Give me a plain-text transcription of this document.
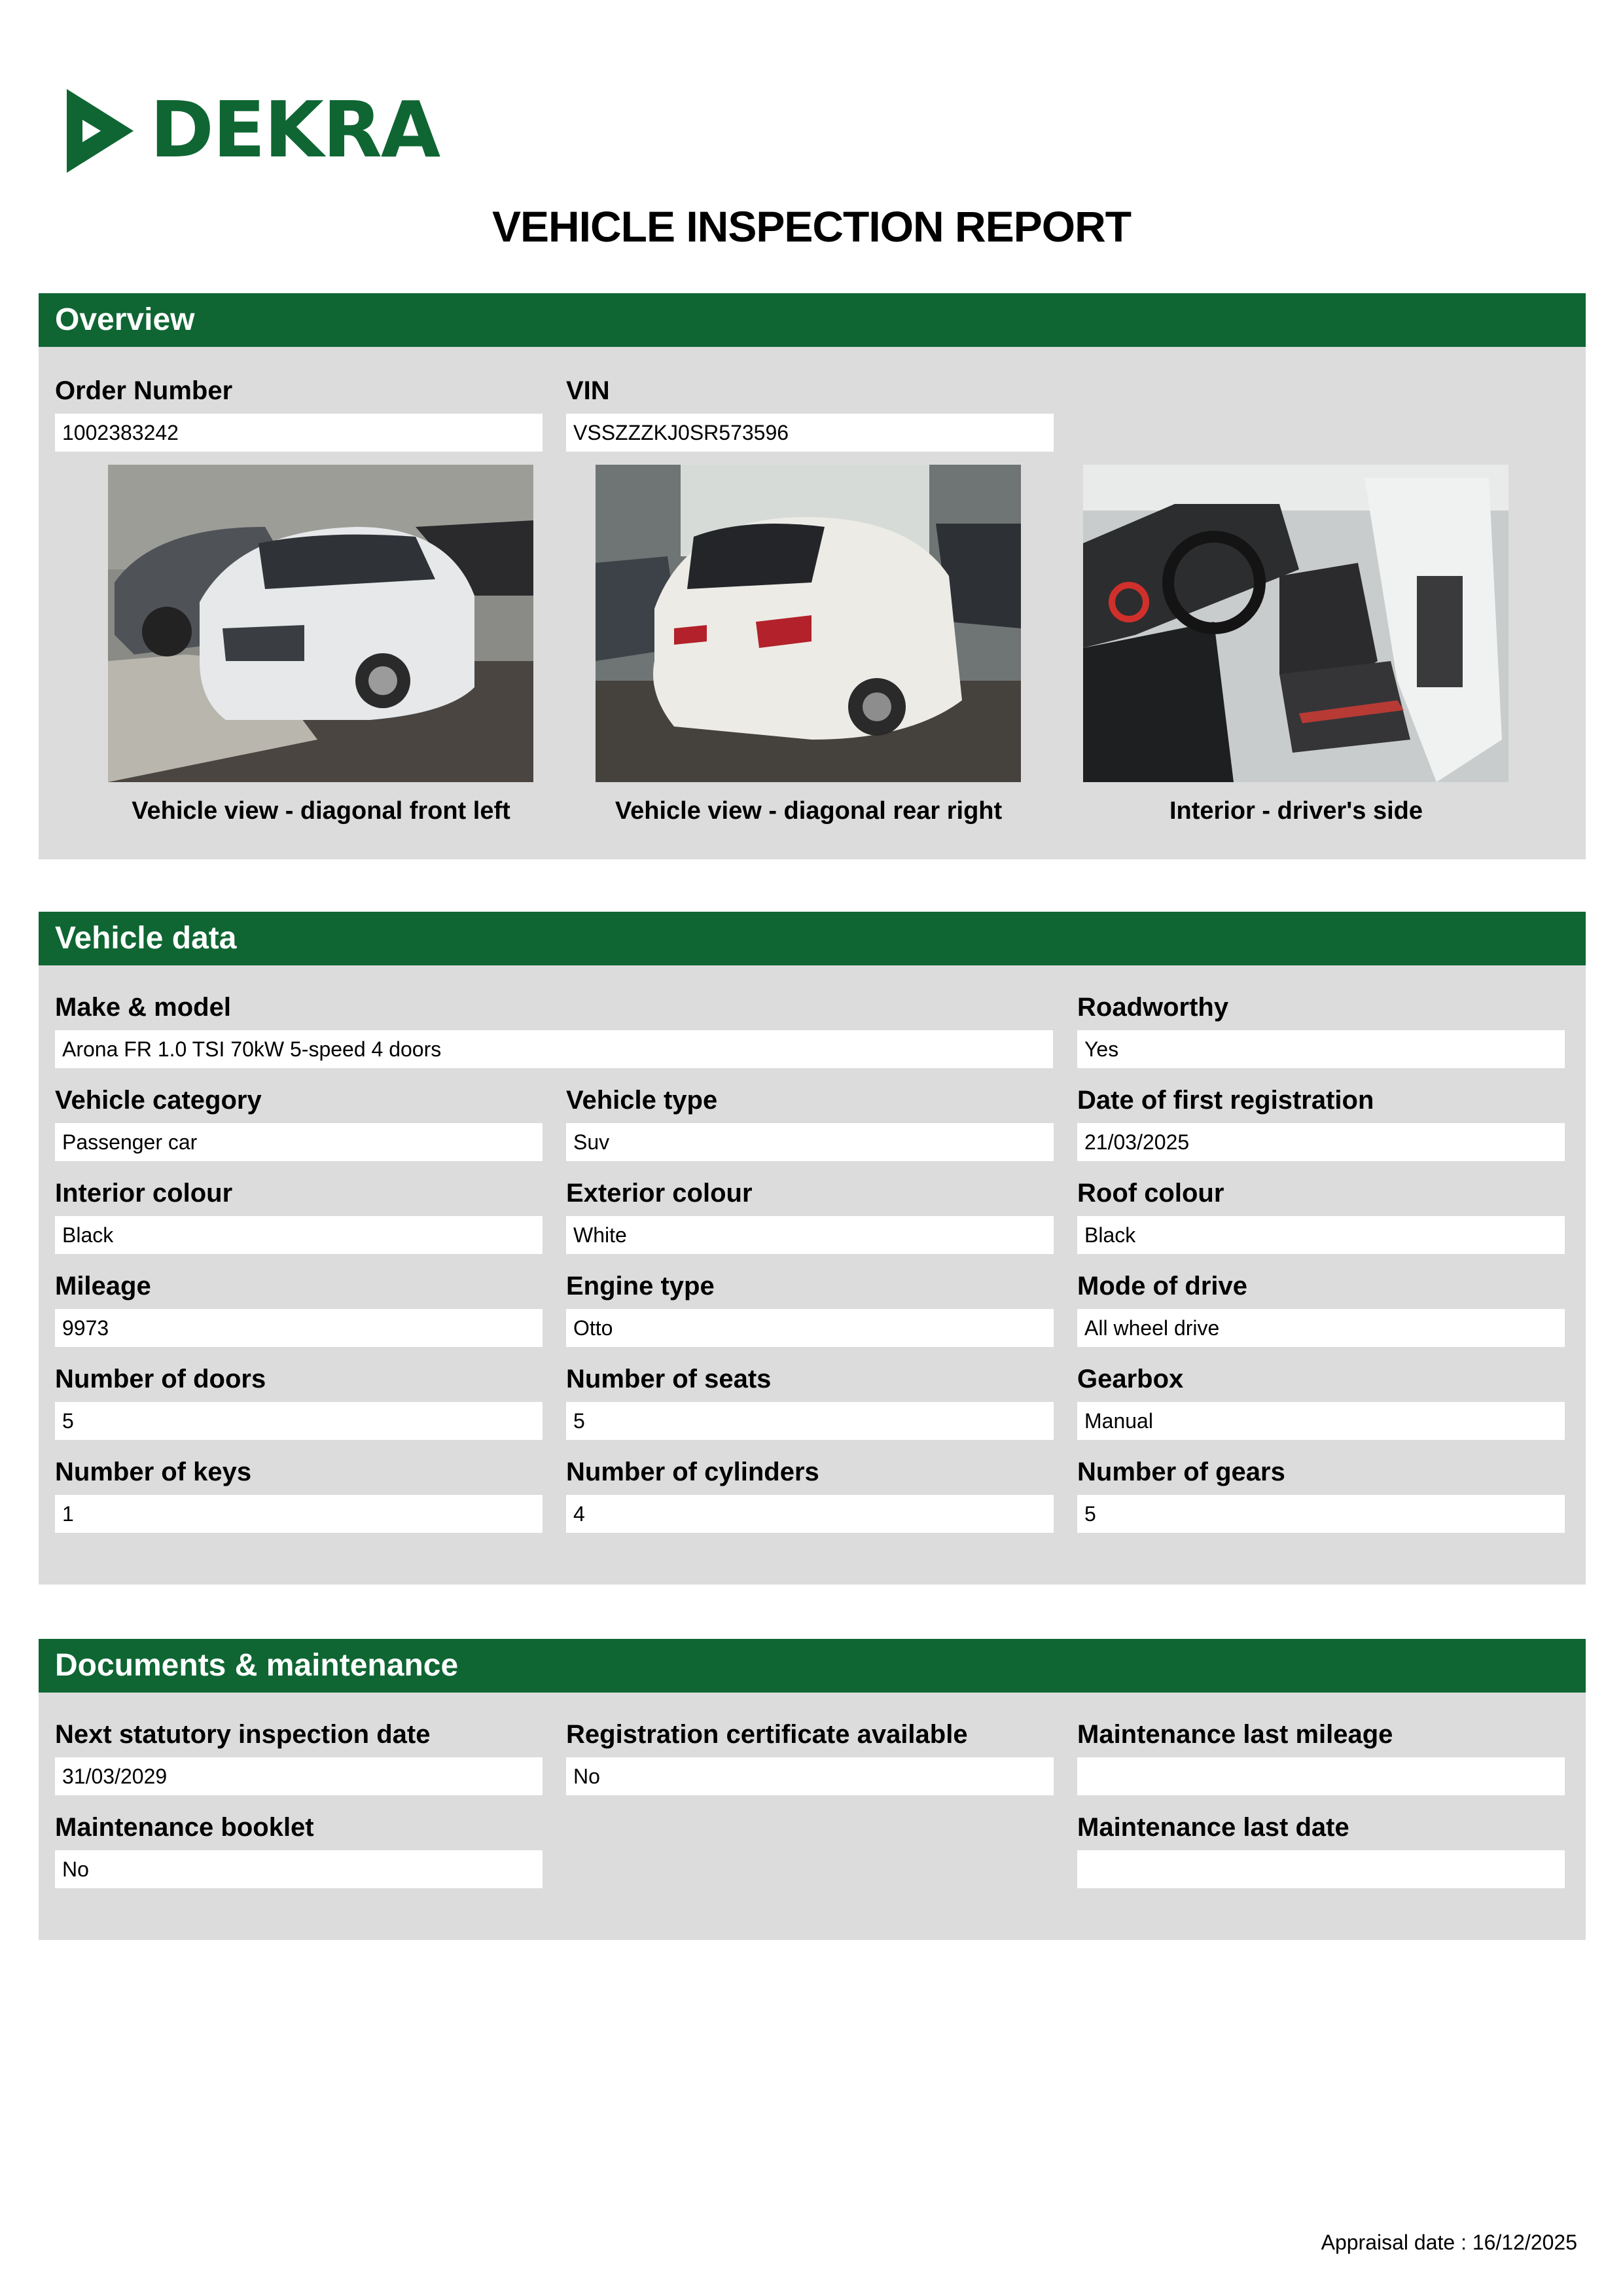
DEKRA
VEHICLE INSPECTION REPORT
Overview
Order Number
1002383242
VIN
VSSZZZKJ0SR573596
Vehicle view - diagonal front left	Vehicle view - diagonal rear right	Interior - driver's side
Vehicle data
Make & model
Arona FR 1.0 TSI 70kW 5-speed 4 doors
Roadworthy
Yes
Vehicle category
Passenger car
Vehicle type
Suv
Date of first registration
21/03/2025
Interior colour
Black
Exterior colour
White
Roof colour
Black
Mileage
9973
Engine type
Otto
Mode of drive
All wheel drive
Number of doors
5
Number of seats
5
Gearbox
Manual
Number of keys
1
Number of cylinders
4
Number of gears
5
Documents & maintenance
Next statutory inspection date
31/03/2029
Registration certificate available
No
Maintenance last mileage
Maintenance booklet
No
Maintenance last date
Appraisal date : 16/12/2025
